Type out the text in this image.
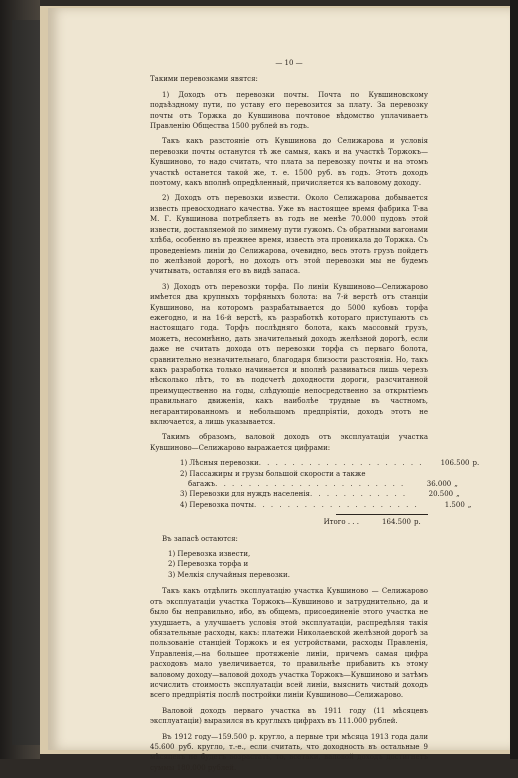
— 10 —

Такими перевозками явятся:

1) Доходъ отъ перевозки почты. Почта по Кувшиновскому подъѣздному пути, по уставу его перевозится за плату. За перевозку почты отъ Торжка до Кувшинова почтовое вѣдомство уплачиваетъ Правленію Общества 1500 рублей въ годъ.

Такъ какъ разстояніе отъ Кувшинова до Селижарова и условія перевозки почты останутся тѣ же самыя, какъ и на участкѣ Торжокъ—Кувшиново, то надо считать, что плата за перевозку почты и на этомъ участкѣ останется такой же, т. е. 1500 руб. въ годъ. Этотъ доходъ поэтому, какъ вполнѣ опредѣленный, причисляется къ валовому доходу.

2) Доходъ отъ перевозки извести. Около Селижарова добывается известь превосходнаго качества. Уже въ настоящее время фабрика Т-ва М. Г. Кувшинова потребляетъ въ годъ не менѣе 70.000 пудовъ этой извести, доставляемой по зимнему пути гужомъ. Съ обратными вагонами хлѣба, особенно въ прежнее время, известь эта проникала до Торжка. Съ проведеніемъ линіи до Селижарова, очевидно, весь этотъ грузъ пойдетъ по желѣзной дорогѣ, но доходъ отъ этой перевозки мы не будемъ учитывать, оставляя его въ видѣ запаса.

3) Доходъ отъ перевозки торфа. По линіи Кувшиново—Селижарово имѣется два крупныхъ торфяныхъ болота: на 7-й верстѣ отъ станціи Кувшиново, на которомъ разрабатывается до 5000 кубовъ торфа ежегодно, и на 16-й верстѣ, къ разработкѣ котораго приступаютъ съ настоящаго года. Торфъ послѣдняго болота, какъ массовый грузъ, можетъ, несомнѣнно, дать значительный доходъ желѣзной дорогѣ, если даже не считать дохода отъ перевозки торфа съ перваго болота, сравнительно незначительнаго, благодаря близости разстоянія. Но, такъ какъ разработка только начинается и вполнѣ развиваться лишь черезъ нѣсколько лѣтъ, то въ подсчетѣ доходности дороги, разсчитанной преимущественно на годы, слѣдующіе непосредственно за открытіемъ правильнаго движенія, какъ наиболѣе трудные въ частномъ, негарантированномъ и небольшомъ предпріятіи, доходъ этотъ не включается, а лишь указывается.

Такимъ образомъ, валовой доходъ отъ эксплуатаціи участка Кувшиново—Селижарово выражается цифрами:

1) Лѣсныя перевозки . . . . . . . . . . . . . . . . . . . .	106.500 р.
2) Пассажиры и грузы большой скорости а также
багажъ . . . . . . . . . . . . . . . . . . . . . . .	36.000 „
3) Перевозки для нуждъ населенія . . . . . . . . . . . .	20.500 „
4) Перевозка почты . . . . . . . . . . . . . . . . . . . .	1.500 „
Итого . . .	164.500 р.

Въ запасѣ остаются:

1) Перевозка извести,
2) Перевозка торфа и
3) Мелкія случайныя перевозки.

Такъ какъ отдѣлить эксплуатацію участка Кувшиново — Селижарово отъ эксплуатаціи участка Торжокъ—Кувшиново и затруднительно, да и было бы неправильно, ибо, въ общемъ, присоединеніе этого участка не ухудшаетъ, а улучшаетъ условія этой эксплуатаціи, распредѣляя такія обязательные расходы, какъ: платежи Николаевской желѣзной дорогѣ за пользованіе станціей Торжокъ и ея устройствами, расходы Правленія, Управленія,—на большее протяженіе линіи, причемъ самая цифра расходовъ мало увеличивается, то правильнѣе прибавить къ этому валовому доходу—валовой доходъ участка Торжокъ—Кувшиново и затѣмъ исчислить стоимость эксплуатаціи всей линіи, выяснить чистый доходъ всего предпріятія послѣ постройки линіи Кувшиново—Селижарово.

Валовой доходъ перваго участка въ 1911 году (11 мѣсяцевъ эксплуатаціи) выразился въ круглыхъ цифрахъ въ 111.000 рублей.

Въ 1912 году—159.500 р. кругло, а первые три мѣсяца 1913 года дали 45.600 руб. кругло, т.-е., если считать, что доходность въ остальные 9 мѣсяцевъ не будетъ возрастать, то, всетаки, валовой доходъ достигнетъ суммы 180.000 рублей.
